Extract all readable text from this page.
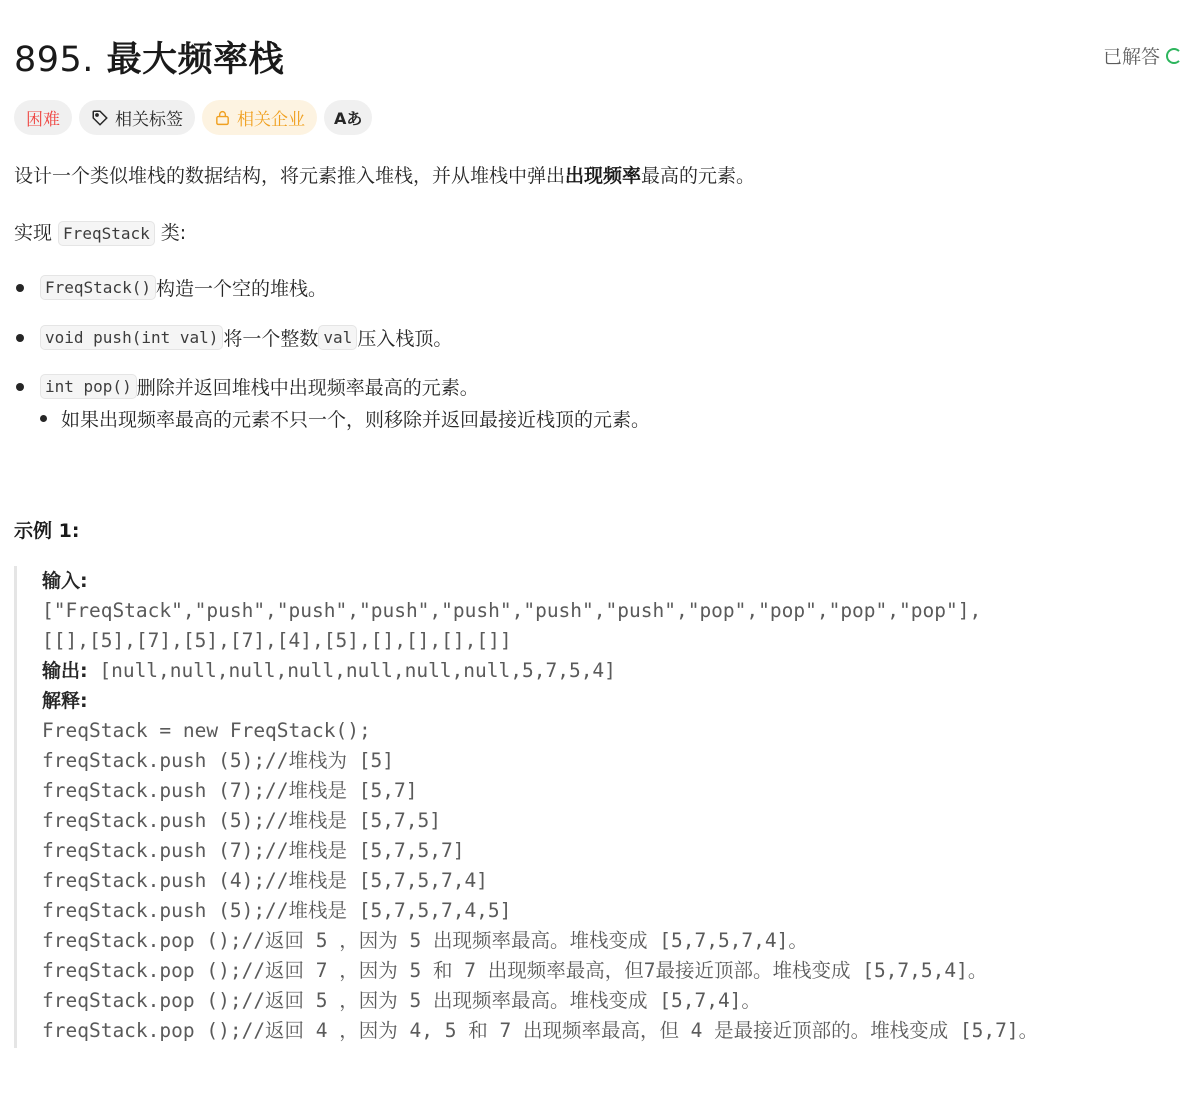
895. 最大频率栈	已解答
困难	相关标签	相关企业 Aあ
设计一个类似堆栈的数据结构，将元素推入堆栈，并从堆栈中弹出出现频率最高的元素。
实现 FreqStack 类:
FreqStack() 构造一个空的堆栈。
void push(int val) 将一个整数 val 压入栈顶。
int pop() 删除并返回堆栈中出现频率最高的元素。
如果出现频率最高的元素不只一个，则移除并返回最接近栈顶的元素。
示例 1:
输入:
["FreqStack","push","push","push","push","push","push","pop","pop","pop","pop"],
[[],[5],[7],[5],[7],[4],[5],[],[],[],[]]
输出: [null,null,null,null,null,null,null,5,7,5,4]
解释:
FreqStack = new FreqStack();
freqStack.push (5);//堆栈为 [5]
freqStack.push (7);//堆栈是 [5,7]
freqStack.push (5);//堆栈是 [5,7,5]
freqStack.push (7);//堆栈是 [5,7,5,7]
freqStack.push (4);//堆栈是 [5,7,5,7,4]
freqStack.push (5);//堆栈是 [5,7,5,7,4,5]
freqStack.pop ();//返回 5 ，因为 5 出现频率最高。堆栈变成 [5,7,5,7,4]。
freqStack.pop ();//返回 7 ，因为 5 和 7 出现频率最高，但7最接近顶部。堆栈变成 [5,7,5,4]。
freqStack.pop ();//返回 5 ，因为 5 出现频率最高。堆栈变成 [5,7,4]。
freqStack.pop ();//返回 4 ，因为 4, 5 和 7 出现频率最高，但 4 是最接近顶部的。堆栈变成 [5,7]。
